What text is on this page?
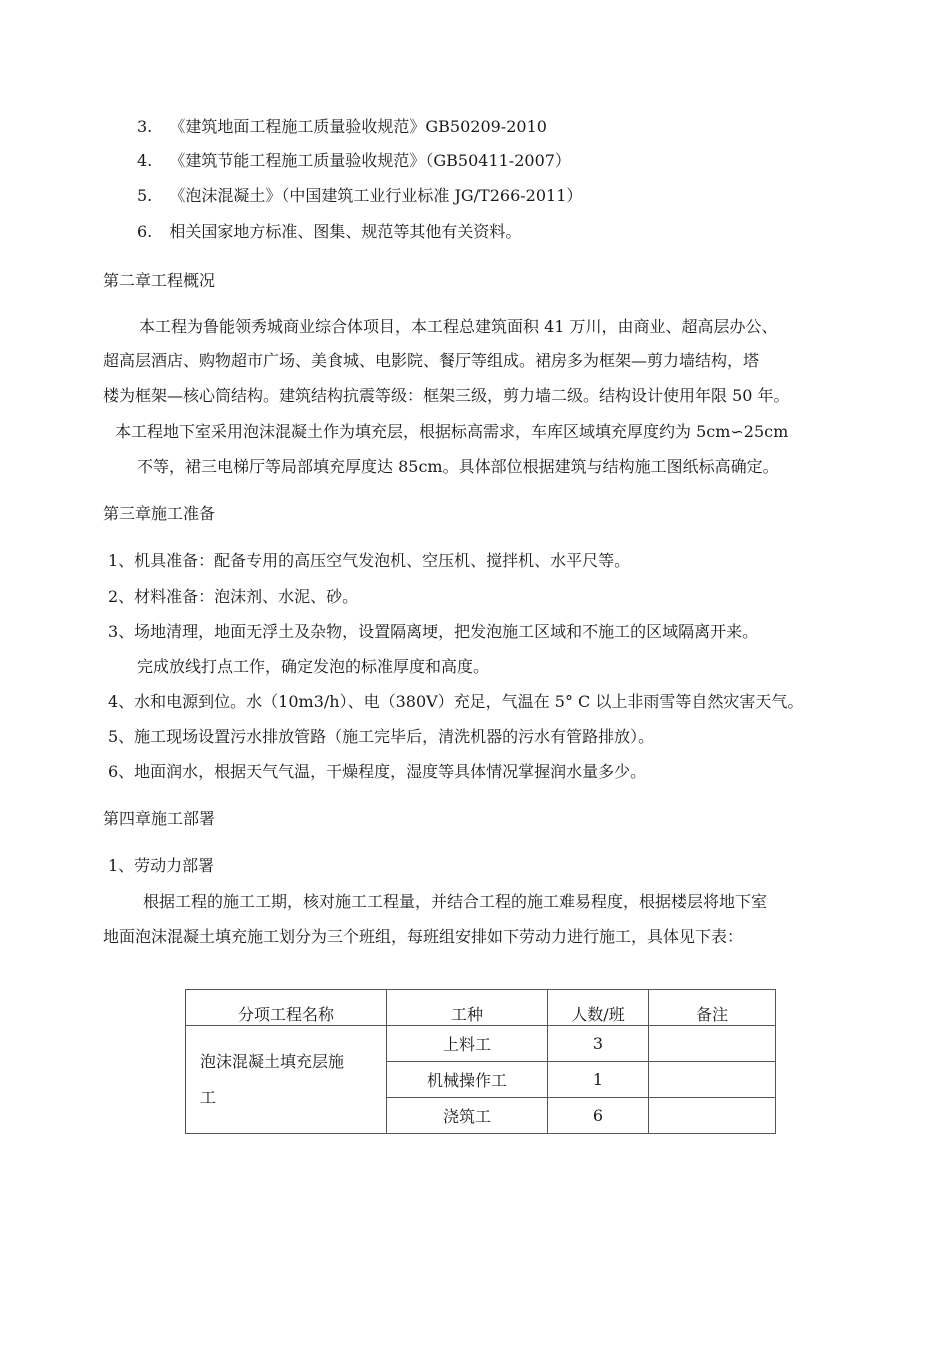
3. 《建筑地面工程施工质量验收规范》GB50209-2010
4. 《建筑节能工程施工质量验收规范》（GB50411-2007）
5. 《泡沫混凝土》（中国建筑工业行业标准 JG/T266-2011）
6. 相关国家地方标准、图集、规范等其他有关资料。
第二章工程概况
本工程为鲁能领秀城商业综合体项目，本工程总建筑面积 41 万川，由商业、超高层办公、
超高层酒店、购物超市广场、美食城、电影院、餐厅等组成。裙房多为框架—剪力墙结构，塔
楼为框架—核心筒结构。建筑结构抗震等级：框架三级，剪力墙二级。结构设计使用年限 50 年。
本工程地下室采用泡沫混凝土作为填充层，根据标高需求，车库区域填充厚度约为 5cm∽25cm
不等，裙三电梯厅等局部填充厚度达 85cm。具体部位根据建筑与结构施工图纸标高确定。
第三章施工准备
1、机具准备：配备专用的高压空气发泡机、空压机、搅拌机、水平尺等。
2、材料准备：泡沫剂、水泥、砂。
3、场地清理，地面无浮土及杂物，设置隔离埂，把发泡施工区域和不施工的区域隔离开来。
完成放线打点工作，确定发泡的标准厚度和高度。
4、水和电源到位。水（10m3/h）、电（380V）充足，气温在 5° C 以上非雨雪等自然灾害天气。
5、施工现场设置污水排放管路（施工完毕后，清洗机器的污水有管路排放）。
6、地面润水，根据天气气温，干燥程度，湿度等具体情况掌握润水量多少。
第四章施工部署
1、劳动力部署
根据工程的施工工期，核对施工工程量，并结合工程的施工难易程度，根据楼层将地下室
地面泡沫混凝土填充施工划分为三个班组，每班组安排如下劳动力进行施工，具体见下表：
分项工程名称	工种	人数/班	备注

泡沫混凝土填充层施
工	上料工	3	
	机械操作工	1	
	浇筑工	6	
